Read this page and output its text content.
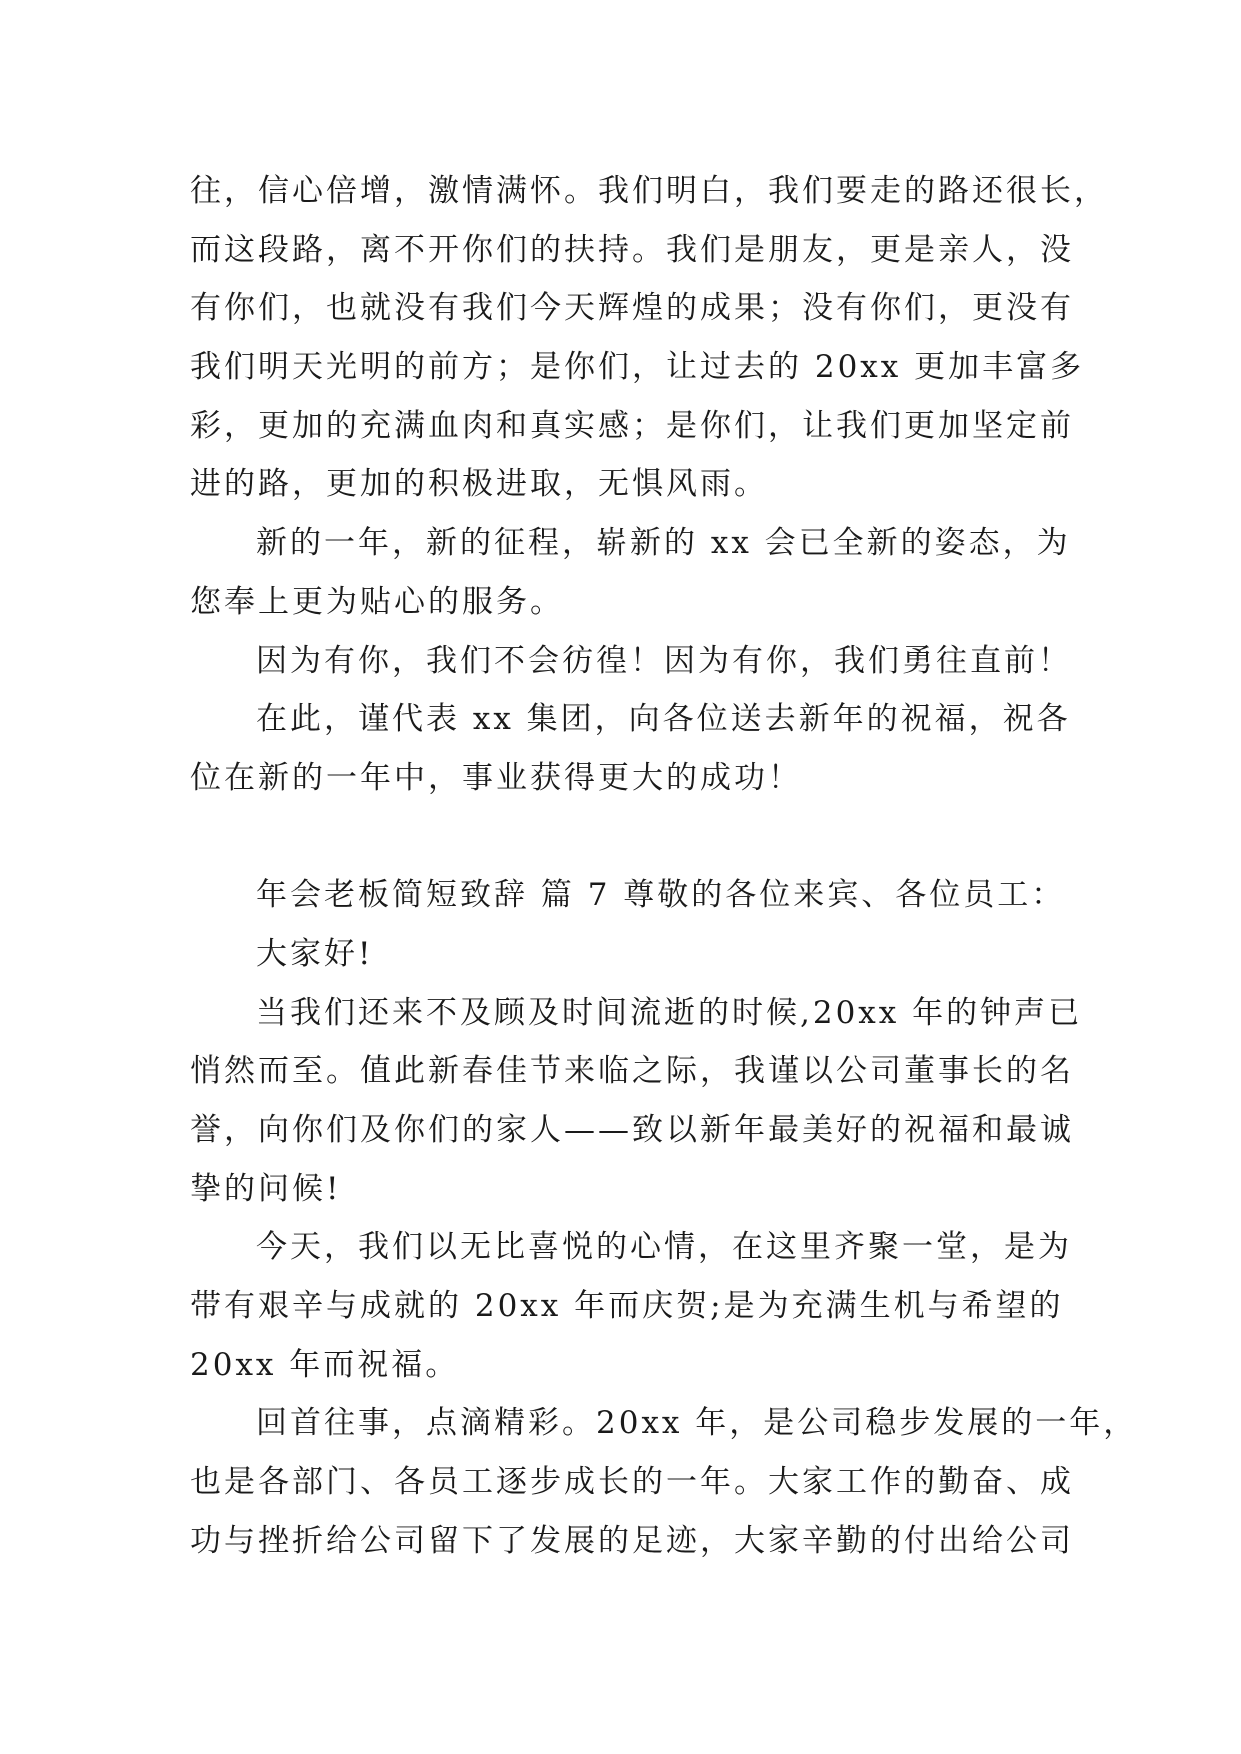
往，信心倍增，激情满怀。我们明白，我们要走的路还很长，
而这段路，离不开你们的扶持。我们是朋友，更是亲人，没
有你们，也就没有我们今天辉煌的成果；没有你们，更没有
我们明天光明的前方；是你们，让过去的 20xx 更加丰富多
彩，更加的充满血肉和真实感；是你们，让我们更加坚定前
进的路，更加的积极进取，无惧风雨。
新的一年，新的征程，崭新的 xx 会已全新的姿态，为
您奉上更为贴心的服务。
因为有你，我们不会彷徨！因为有你，我们勇往直前！
在此，谨代表 xx 集团，向各位送去新年的祝福，祝各
位在新的一年中，事业获得更大的成功！
年会老板简短致辞 篇 7 尊敬的各位来宾、各位员工：
大家好!
当我们还来不及顾及时间流逝的时候,20xx 年的钟声已
悄然而至。值此新春佳节来临之际，我谨以公司董事长的名
誉，向你们及你们的家人——致以新年最美好的祝福和最诚
挚的问候!
今天，我们以无比喜悦的心情，在这里齐聚一堂，是为
带有艰辛与成就的 20xx 年而庆贺;是为充满生机与希望的
20xx 年而祝福。
回首往事，点滴精彩。20xx 年，是公司稳步发展的一年，
也是各部门、各员工逐步成长的一年。大家工作的勤奋、成
功与挫折给公司留下了发展的足迹，大家辛勤的付出给公司
